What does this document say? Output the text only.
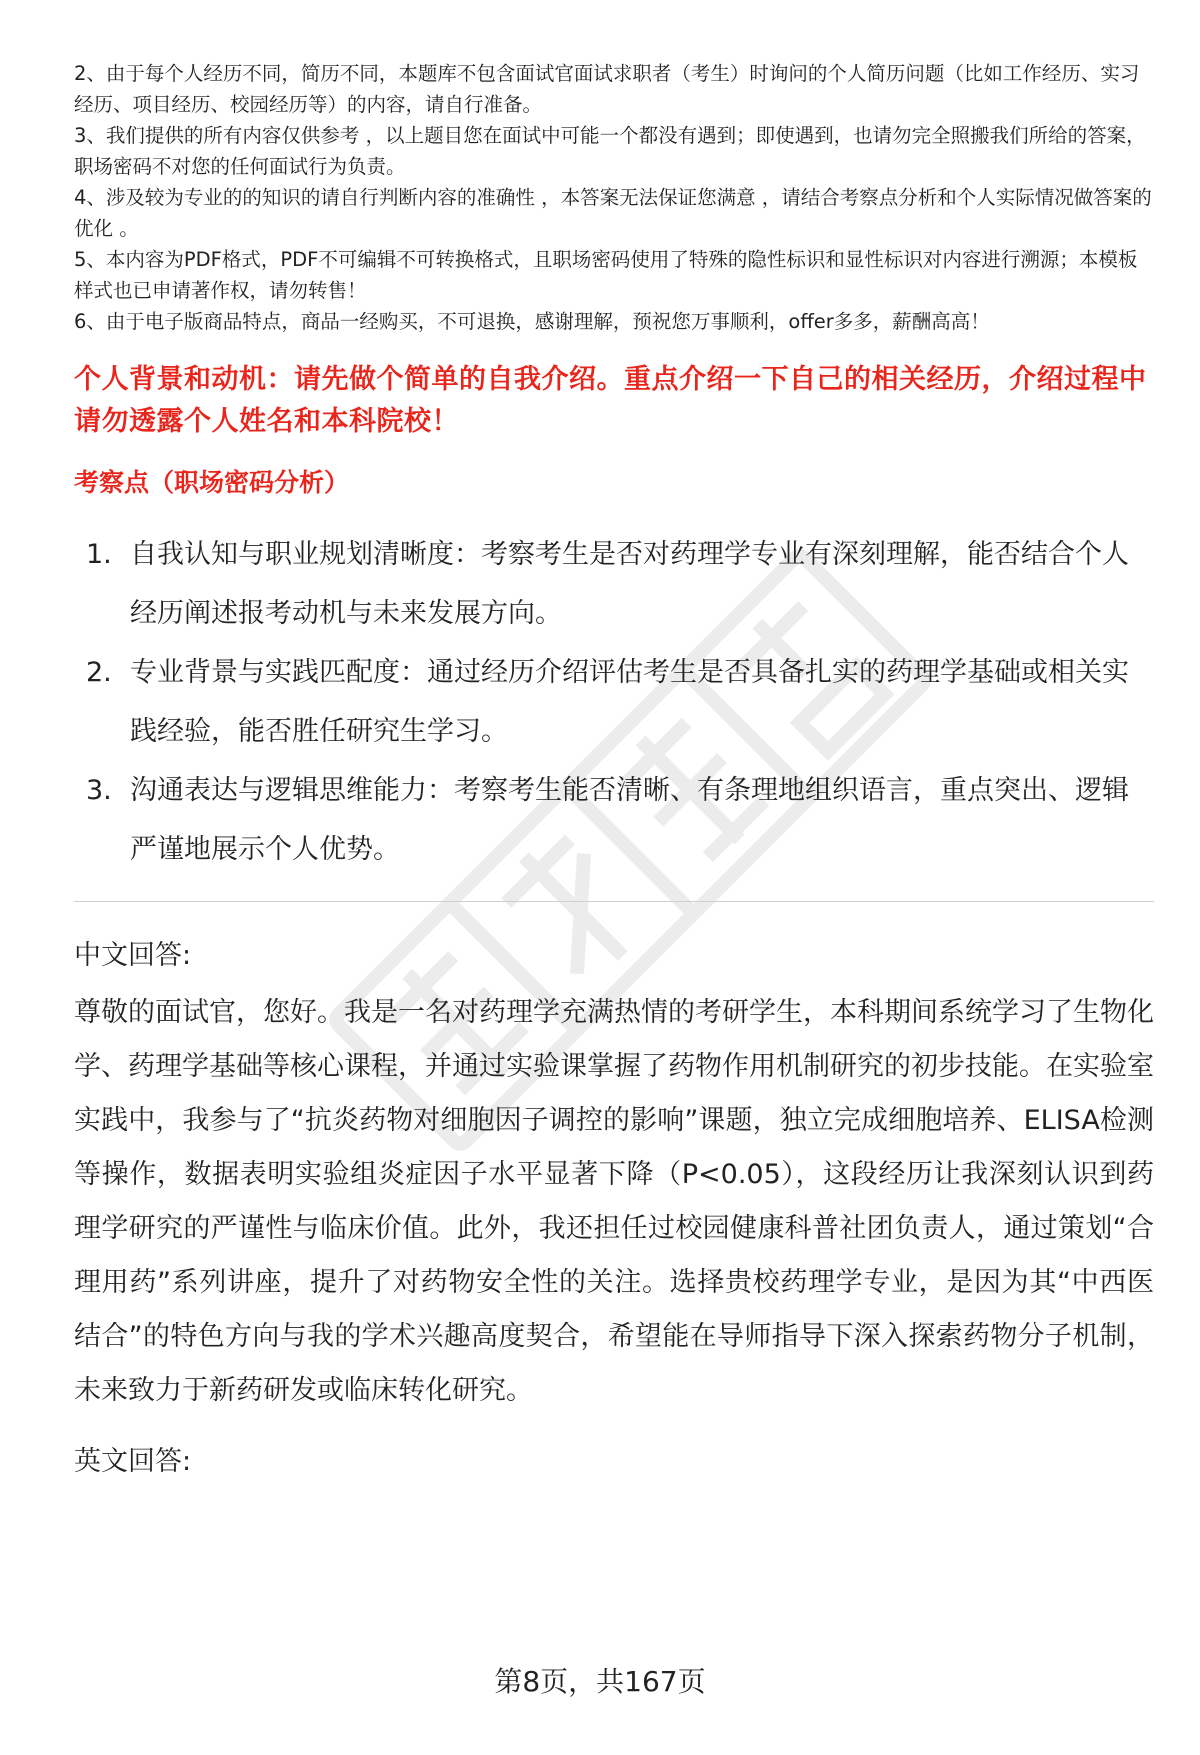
2、由于每个人经历不同，简历不同，本题库不包含面试官面试求职者（考生）时询问的个人简历问题（比如工作经历、实习经历、项目经历、校园经历等）的内容，请自行准备。

3、我们提供的所有内容仅供参考 ，以上题目您在面试中可能一个都没有遇到；即使遇到，也请勿完全照搬我们所给的答案，职场密码不对您的任何面试行为负责。

4、涉及较为专业的的知识的请自行判断内容的准确性 ，本答案无法保证您满意 ，请结合考察点分析和个人实际情况做答案的优化 。

5、本内容为PDF格式，PDF不可编辑不可转换格式，且职场密码使用了特殊的隐性标识和显性标识对内容进行溯源；本模板样式也已申请著作权，请勿转售！

6、由于电子版商品特点，商品一经购买，不可退换，感谢理解，预祝您万事顺利，offer多多，薪酬高高！

个人背景和动机：请先做个简单的自我介绍。重点介绍一下自己的相关经历，介绍过程中请勿透露个人姓名和本科院校！
考察点（职场密码分析）
1. 自我认知与职业规划清晰度：考察考生是否对药理学专业有深刻理解，能否结合个人经历阐述报考动机与未来发展方向。
2. 专业背景与实践匹配度：通过经历介绍评估考生是否具备扎实的药理学基础或相关实践经验，能否胜任研究生学习。
3. 沟通表达与逻辑思维能力：考察考生能否清晰、有条理地组织语言，重点突出、逻辑严谨地展示个人优势。
中文回答:
尊敬的面试官，您好。我是一名对药理学充满热情的考研学生，本科期间系统学习了生物化学、药理学基础等核心课程，并通过实验课掌握了药物作用机制研究的初步技能。在实验室实践中，我参与了“抗炎药物对细胞因子调控的影响”课题，独立完成细胞培养、ELISA检测等操作，数据表明实验组炎症因子水平显著下降（P<0.05），这段经历让我深刻认识到药理学研究的严谨性与临床价值。此外，我还担任过校园健康科普社团负责人，通过策划“合理用药”系列讲座，提升了对药物安全性的关注。选择贵校药理学专业，是因为其“中西医结合”的特色方向与我的学术兴趣高度契合，希望能在导师指导下深入探索药物分子机制，未来致力于新药研发或临床转化研究。
英文回答:
第8页，共167页
